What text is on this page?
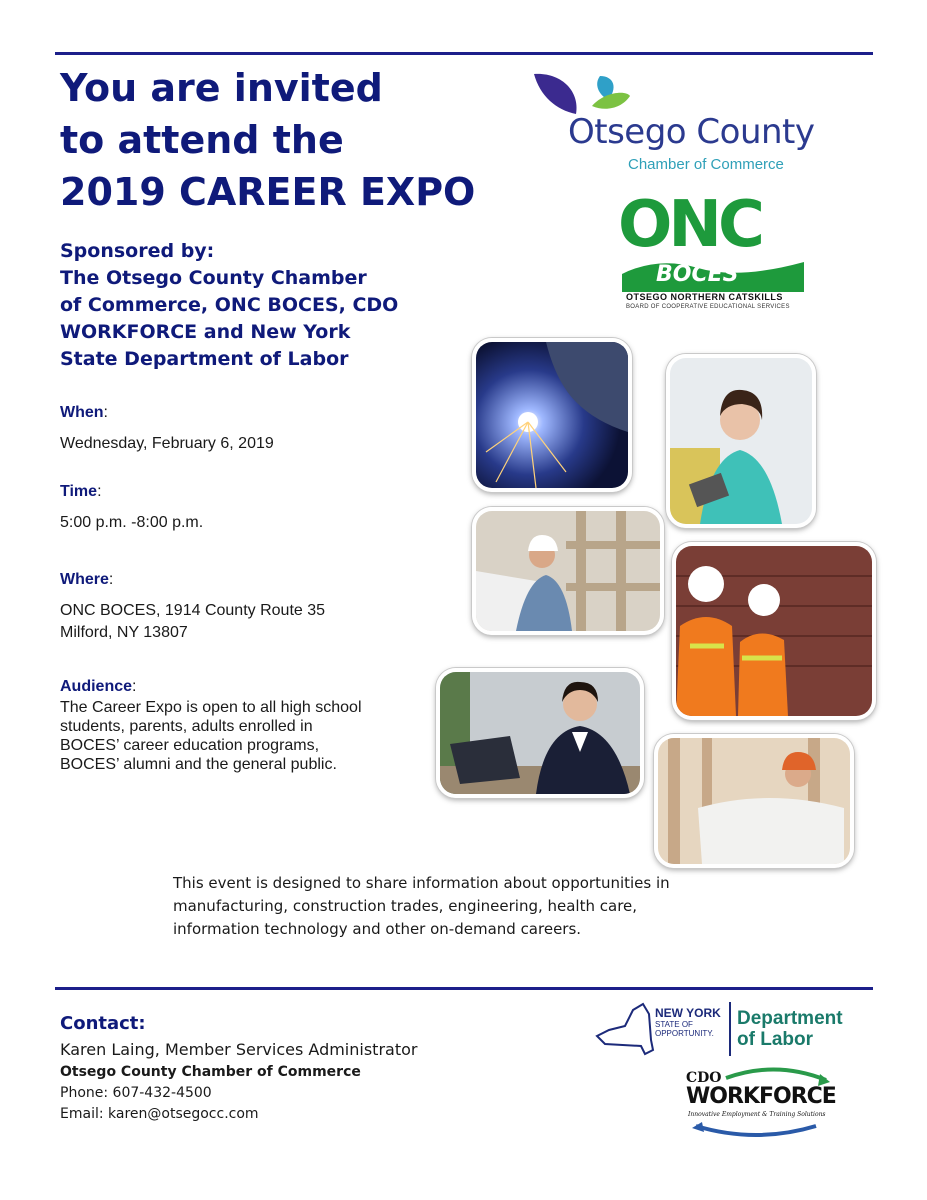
You are invited
to attend the
2019 CAREER EXPO
Sponsored by:
The Otsego County Chamber
of Commerce, ONC BOCES, CDO
WORKFORCE and New York
State Department of Labor
When:
Wednesday, February 6, 2019
Time:
5:00 p.m. -8:00 p.m.
Where:
ONC BOCES, 1914 County Route 35
Milford, NY 13807
Audience:
The Career Expo is open to all high school
students, parents, adults enrolled in
BOCES’ career education programs,
BOCES’ alumni and the general public.
Otsego County
Chamber of Commerce
ONC
BOCES
OTSEGO NORTHERN CATSKILLS
BOARD OF COOPERATIVE EDUCATIONAL SERVICES
This event is designed to share information about opportunities in
manufacturing, construction trades, engineering, health care,
information technology and other on-demand careers.
Contact:
Karen Laing, Member Services Administrator
Otsego County Chamber of Commerce
Phone: 607-432-4500
Email: karen@otsegocc.com
NEW YORK
STATE OF OPPORTUNITY.
Department
of Labor
CDO
WORKFORCE
Innovative Employment & Training Solutions
